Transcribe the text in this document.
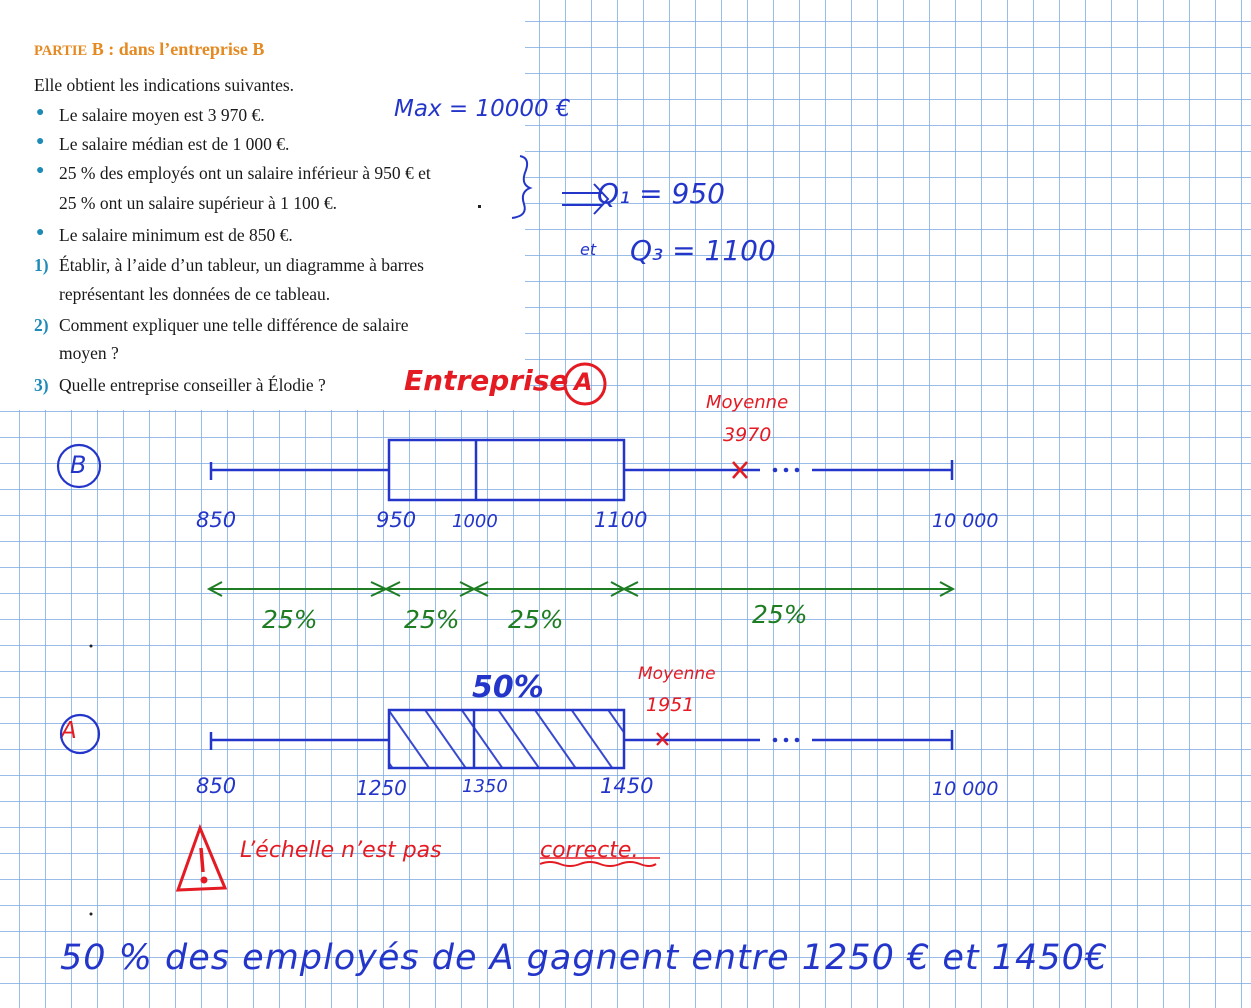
PARTIE B : dans l’entreprise B
Elle obtient les indications suivantes.
● Le salaire moyen est 3 970 €.
● Le salaire médian est de 1 000 €.
● 25 % des employés ont un salaire inférieur à 950 € et
25 % ont un salaire supérieur à 1 100 €.
● Le salaire minimum est de 850 €.
1) Établir, à l’aide d’un tableur, un diagramme à barres
représentant les données de ce tableau.
2) Comment expliquer une telle différence de salaire
moyen ?
3) Quelle entreprise conseiller à Élodie ?
Max = 10000 €
Q₁ = 950
et Q₃ = 1100
Entreprise A
B
Moyenne
3970
850	950 1000	1100	10 000
25%	25% 25%	25%
50%	Moyenne
1951
A
850	1250	1350	1450	10 000
L’échelle n’est pas	correcte.
50 % des employés de A gagnent entre 1250 € et 1450€
